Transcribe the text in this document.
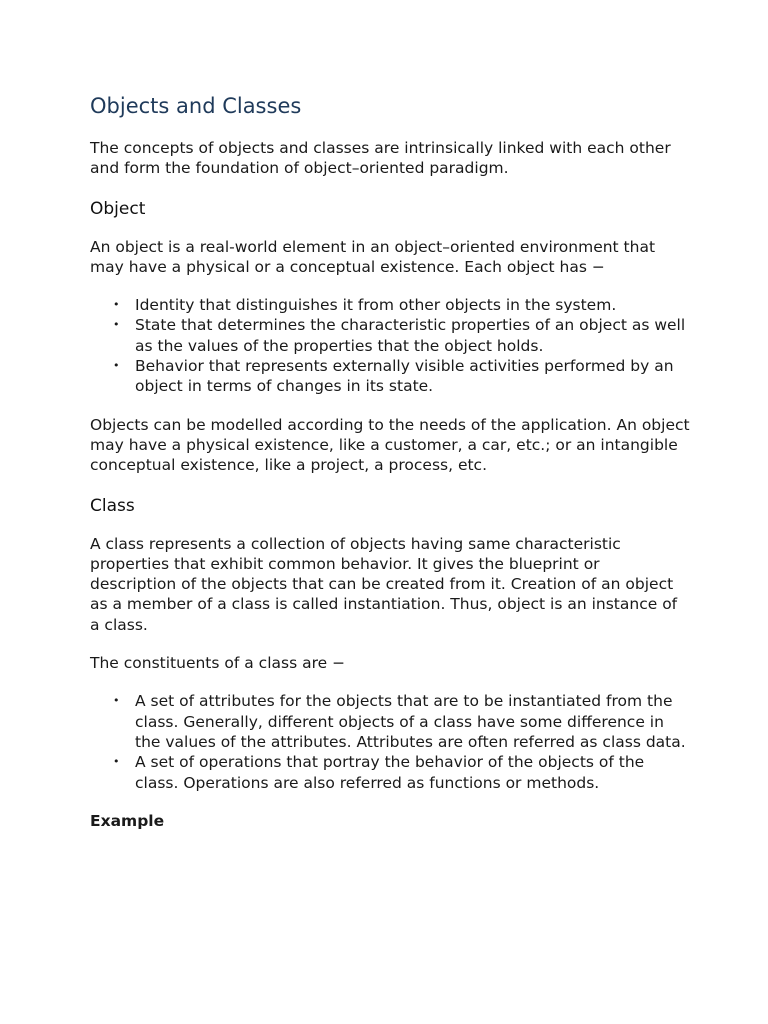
Objects and Classes

The concepts of objects and classes are intrinsically linked with each other and form the foundation of object–oriented paradigm.

Object

An object is a real-world element in an object–oriented environment that may have a physical or a conceptual existence. Each object has −

• Identity that distinguishes it from other objects in the system.
• State that determines the characteristic properties of an object as well as the values of the properties that the object holds.
• Behavior that represents externally visible activities performed by an object in terms of changes in its state.

Objects can be modelled according to the needs of the application. An object may have a physical existence, like a customer, a car, etc.; or an intangible conceptual existence, like a project, a process, etc.

Class

A class represents a collection of objects having same characteristic properties that exhibit common behavior. It gives the blueprint or description of the objects that can be created from it. Creation of an object as a member of a class is called instantiation. Thus, object is an instance of a class.

The constituents of a class are −

• A set of attributes for the objects that are to be instantiated from the class. Generally, different objects of a class have some difference in the values of the attributes. Attributes are often referred as class data.
• A set of operations that portray the behavior of the objects of the class. Operations are also referred as functions or methods.

Example
